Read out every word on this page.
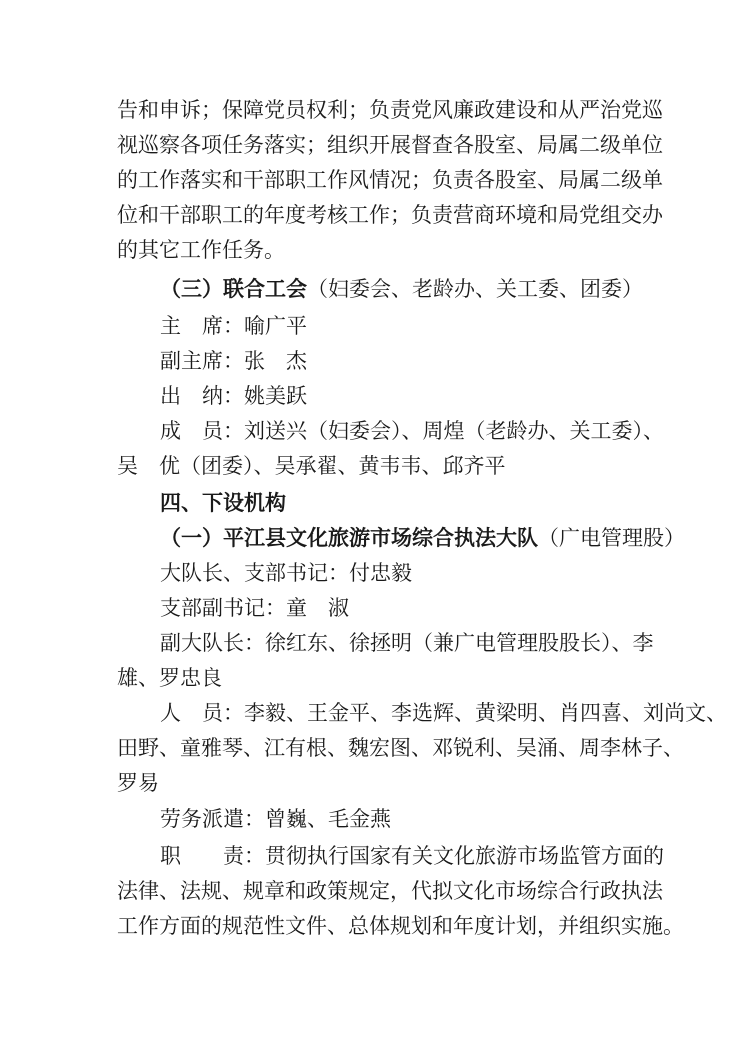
告和申诉；保障党员权利；负责党风廉政建设和从严治党巡
视巡察各项任务落实；组织开展督查各股室、局属二级单位
的工作落实和干部职工作风情况；负责各股室、局属二级单
位和干部职工的年度考核工作；负责营商环境和局党组交办
的其它工作任务。
（三）联合工会（妇委会、老龄办、关工委、团委）
主　席：喻广平
副主席：张　杰
出　纳：姚美跃
成　员：刘送兴（妇委会）、周煌（老龄办、关工委）、
吴　优（团委）、吴承翟、黄韦韦、邱齐平
四、下设机构
（一）平江县文化旅游市场综合执法大队（广电管理股）
大队长、支部书记：付忠毅
支部副书记：童　淑
副大队长：徐红东、徐拯明（兼广电管理股股长）、李
雄、罗忠良
人　员：李毅、王金平、李选辉、黄梁明、肖四喜、刘尚文、
田野、童雅琴、江有根、魏宏图、邓锐利、吴涌、周李林子、
罗易
劳务派遣：曾巍、毛金燕
职　　责：贯彻执行国家有关文化旅游市场监管方面的
法律、法规、规章和政策规定，代拟文化市场综合行政执法
工作方面的规范性文件、总体规划和年度计划，并组织实施。
